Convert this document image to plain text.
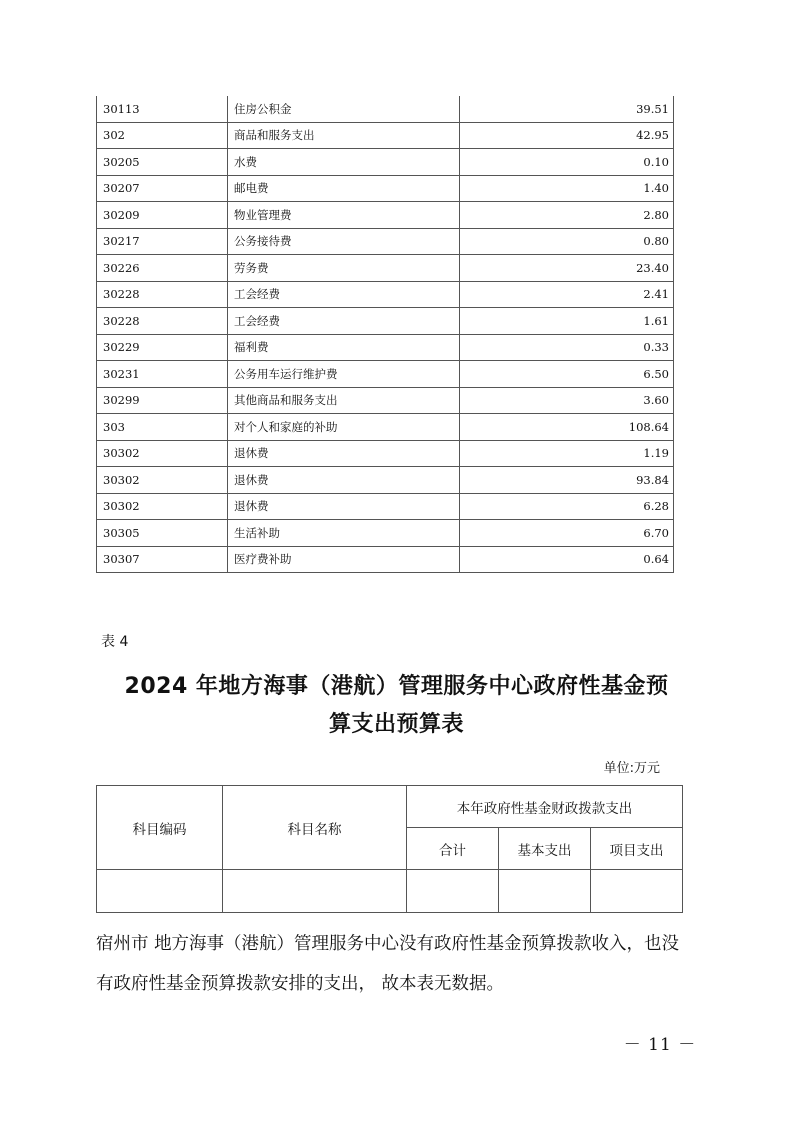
30113	住房公积金	39.51
302	商品和服务支出	42.95
30205	水费	0.10
30207	邮电费	1.40
30209	物业管理费	2.80
30217	公务接待费	0.80
30226	劳务费	23.40
30228	工会经费	2.41
30228	工会经费	1.61
30229	福利费	0.33
30231	公务用车运行维护费	6.50
30299	其他商品和服务支出	3.60
303	对个人和家庭的补助	108.64
30302	退休费	1.19
30302	退休费	93.84
30302	退休费	6.28
30305	生活补助	6.70
30307	医疗费补助	0.64
表 4
2024 年地方海事（港航）管理服务中心政府性基金预
算支出预算表
单位:万元
科目编码	科目名称	本年政府性基金财政拨款支出		
		合计	基本支出	项目支出

宿州市 地方海事（港航）管理服务中心没有政府性基金预算拨款收入，也没有政府性基金预算拨款安排的支出， 故本表无数据。
－ 11 －
